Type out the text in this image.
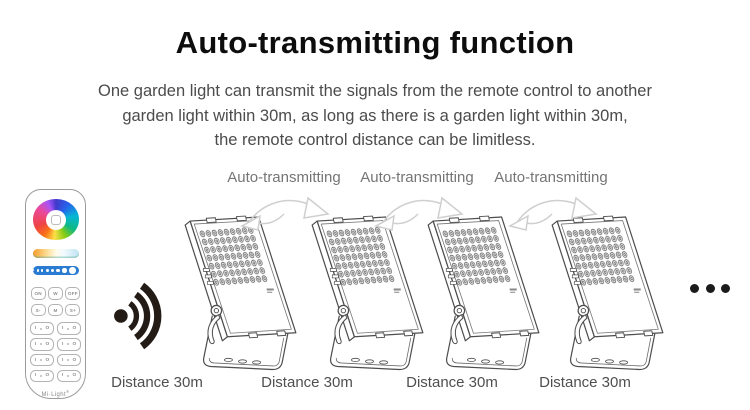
Auto-transmitting function
One garden light can transmit the signals from the remote control to another
garden light within 30m, as long as there is a garden light within 30m,
the remote control distance can be limitless.
Auto-transmitting	Auto-transmitting	Auto-transmitting
Distance 30m	Distance 30m	Distance 30m	Distance 30m
ON	W	OFF
S-	M	S+
I O	I O
I O	I O
I O	I O
I O	I O
Mi·Light®
